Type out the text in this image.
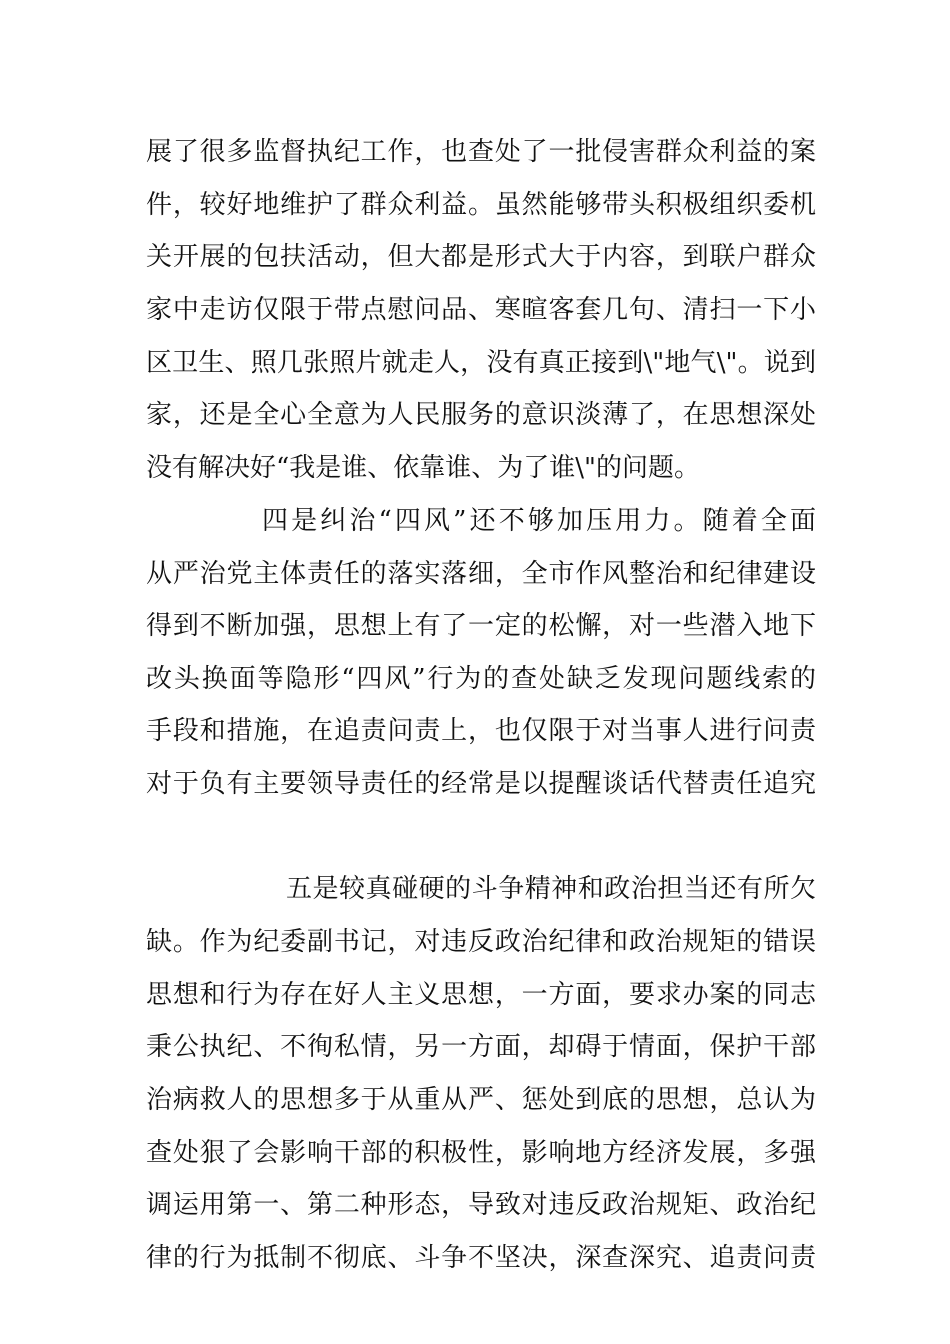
展了很多监督执纪工作，也查处了一批侵害群众利益的案
件，较好地维护了群众利益。虽然能够带头积极组织委机
关开展的包扶活动，但大都是形式大于内容，到联户群众
家中走访仅限于带点慰问品、寒暄客套几句、清扫一下小
区卫生、照几张照片就走人，没有真正接到\"地气\"。说到
家，还是全心全意为人民服务的意识淡薄了，在思想深处
没有解决好“我是谁、依靠谁、为了谁\"的问题。
四是纠治“四风”还不够加压用力。随着全面
从严治党主体责任的落实落细，全市作风整治和纪律建设
得到不断加强，思想上有了一定的松懈，对一些潜入地下
改头换面等隐形“四风”行为的查处缺乏发现问题线索的
手段和措施，在追责问责上，也仅限于对当事人进行问责
对于负有主要领导责任的经常是以提醒谈话代替责任追究
五是较真碰硬的斗争精神和政治担当还有所欠
缺。作为纪委副书记，对违反政治纪律和政治规矩的错误
思想和行为存在好人主义思想，一方面，要求办案的同志
秉公执纪、不徇私情，另一方面，却碍于情面，保护干部
治病救人的思想多于从重从严、惩处到底的思想，总认为
查处狠了会影响干部的积极性，影响地方经济发展，多强
调运用第一、第二种形态，导致对违反政治规矩、政治纪
律的行为抵制不彻底、斗争不坚决，深查深究、追责问责
